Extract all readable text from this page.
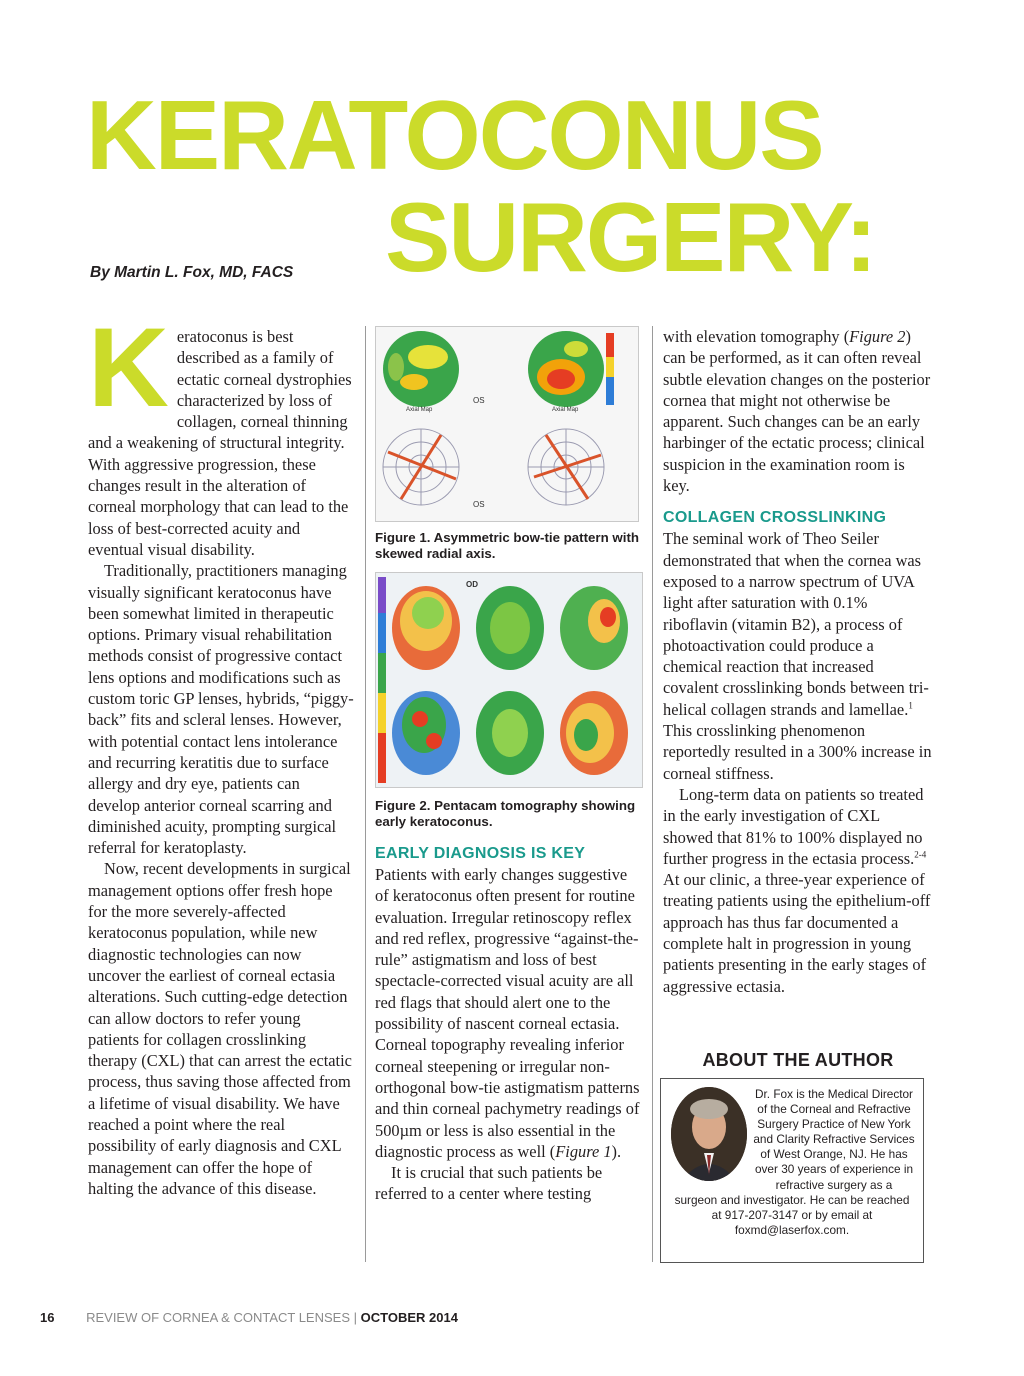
KERATOCONUS
SURGERY:
By Martin L. Fox, MD, FACS

Keratoconus is best described as a family of ectatic corneal dystrophies characterized by loss of collagen, corneal thinning and a weakening of structural integrity. With aggressive progression, these changes result in the alteration of corneal morphology that can lead to the loss of best-corrected acuity and eventual visual disability.

Traditionally, practitioners managing visually significant keratoconus have been somewhat limited in therapeutic options. Primary visual rehabilitation methods consist of progressive contact lens options and modifications such as custom toric GP lenses, hybrids, “piggy-back” fits and scleral lenses. However, with potential contact lens intolerance and recurring keratitis due to surface allergy and dry eye, patients can develop anterior corneal scarring and diminished acuity, prompting surgical referral for keratoplasty.

Now, recent developments in surgical management options offer fresh hope for the more severely-affected keratoconus population, while new diagnostic technologies can now uncover the earliest of corneal ectasia alterations. Such cutting-edge detection can allow doctors to refer young patients for collagen crosslinking therapy (CXL) that can arrest the ectatic process, thus saving those affected from a lifetime of visual disability. We have reached a point where the real possibility of early diagnosis and CXL management can offer the hope of halting the advance of this disease.

Axial Map	Axial Map
OS
OS

Figure 1. Asymmetric bow-tie pattern with skewed radial axis.

OD

Figure 2. Pentacam tomography showing early keratoconus.

EARLY DIAGNOSIS IS KEY

Patients with early changes suggestive of keratoconus often present for routine evaluation. Irregular retinoscopy reflex and red reflex, progressive “against-the-rule” astigmatism and loss of best spectacle-corrected visual acuity are all red flags that should alert one to the possibility of nascent corneal ectasia. Corneal topography revealing inferior corneal steepening or irregular non-orthogonal bow-tie astigmatism patterns and thin corneal pachymetry readings of 500µm or less is also essential in the diagnostic process as well (Figure 1).

It is crucial that such patients be referred to a center where testing

with elevation tomography (Figure 2) can be performed, as it can often reveal subtle elevation changes on the posterior cornea that might not otherwise be apparent. Such changes can be an early harbinger of the ectatic process; clinical suspicion in the examination room is key.

COLLAGEN CROSSLINKING

The seminal work of Theo Seiler demonstrated that when the cornea was exposed to a narrow spectrum of UVA light after saturation with 0.1% riboflavin (vitamin B2), a process of photoactivation could produce a chemical reaction that increased covalent crosslinking bonds between tri-helical collagen strands and lamellae.$^1$ This crosslinking phenomenon reportedly resulted in a 300% increase in corneal stiffness.

Long-term data on patients so treated in the early investigation of CXL showed that 81% to 100% displayed no further progress in the ectasia process.$^{2-4}$ At our clinic, a three-year experience of treating patients using the epithelium-off approach has thus far documented a complete halt in progression in young patients presenting in the early stages of aggressive ectasia.

ABOUT THE AUTHOR
Dr. Fox is the Medical Director of the Corneal and Refractive Surgery Practice of New York and Clarity Refractive Services of West Orange, NJ. He has over 30 years of experience in refractive surgery as a surgeon and investigator. He can be reached at 917-207-3147 or by email at foxmd@laserfox.com.
16 REVIEW OF CORNEA & CONTACT LENSES | OCTOBER 2014
